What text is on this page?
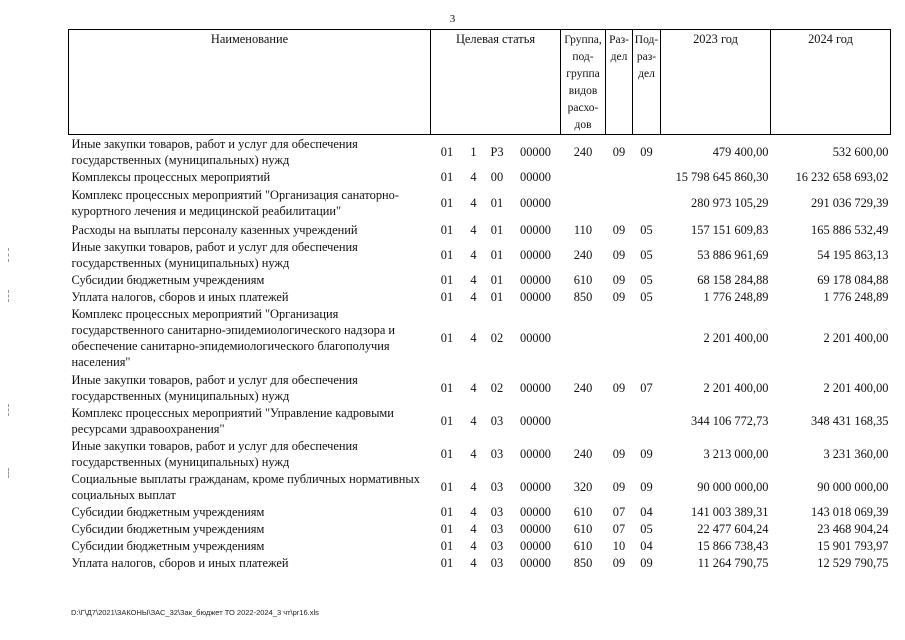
3
Наименование	Целевая статья				Группа, под- группа видов расхо- дов	Раз- дел	Под- раз- дел	2023 год	2024 год
Иные закупки товаров, работ и услуг для обеспечения государственных (муниципальных) нужд	01	1	Р3	00000	240	09	09	479 400,00	532 600,00
Комплексы процессных мероприятий	01	4	00	00000				15 798 645 860,30	16 232 658 693,02
Комплекс процессных мероприятий "Организация санаторно-курортного лечения и медицинской реабилитации"	01	4	01	00000				280 973 105,29	291 036 729,39
Расходы на выплаты персоналу казенных учреждений	01	4	01	00000	110	09	05	157 151 609,83	165 886 532,49
Иные закупки товаров, работ и услуг для обеспечения государственных (муниципальных) нужд	01	4	01	00000	240	09	05	53 886 961,69	54 195 863,13
Субсидии бюджетным учреждениям	01	4	01	00000	610	09	05	68 158 284,88	69 178 084,88
Уплата налогов, сборов и иных платежей	01	4	01	00000	850	09	05	1 776 248,89	1 776 248,89
Комплекс процессных мероприятий "Организация государственного санитарно-эпидемиологического надзора и обеспечение санитарно-эпидемиологического благополучия населения"	01	4	02	00000				2 201 400,00	2 201 400,00
Иные закупки товаров, работ и услуг для обеспечения государственных (муниципальных) нужд	01	4	02	00000	240	09	07	2 201 400,00	2 201 400,00
Комплекс процессных мероприятий "Управление кадровыми ресурсами здравоохранения"	01	4	03	00000				344 106 772,73	348 431 168,35
Иные закупки товаров, работ и услуг для обеспечения государственных (муниципальных) нужд	01	4	03	00000	240	09	09	3 213 000,00	3 231 360,00
Социальные выплаты гражданам, кроме публичных нормативных социальных выплат	01	4	03	00000	320	09	09	90 000 000,00	90 000 000,00
Субсидии бюджетным учреждениям	01	4	03	00000	610	07	04	141 003 389,31	143 018 069,39
Субсидии бюджетным учреждениям	01	4	03	00000	610	07	05	22 477 604,24	23 468 904,24
Субсидии бюджетным учреждениям	01	4	03	00000	610	10	04	15 866 738,43	15 901 793,97
Уплата налогов, сборов и иных платежей	01	4	03	00000	850	09	09	11 264 790,75	12 529 790,75
D:\Г\Д7\2021\ЗАКОНЫ\ЗАС_32\Зак_бюджет ТО 2022-2024_3 чт\pr16.xls
